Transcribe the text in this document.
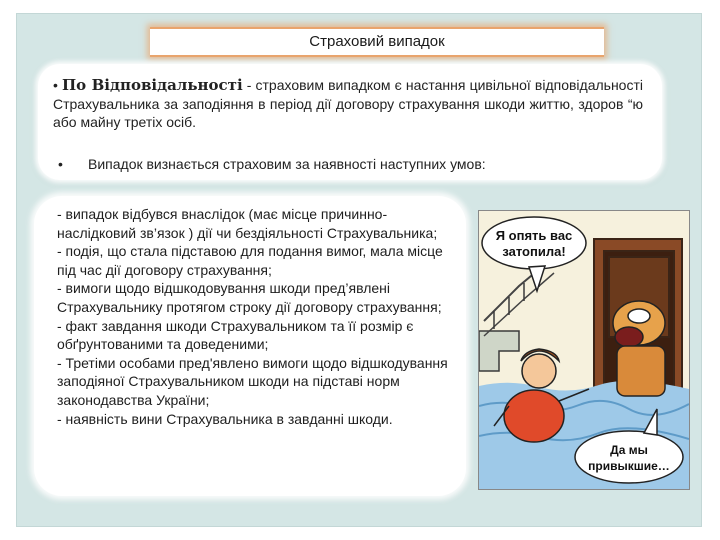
Страховий випадок
• По Відповідальності - страховим випадком є настання цивільної відповідальності Страхувальника за заподіяння в період дії договору страхування шкоди життю, здоров “ю або майну третіх осіб.
• Випадок визнається страховим за наявності наступних умов:
- випадок відбувся внаслідок (має місце причинно-наслідковий зв’язок ) дії чи бездіяльності Страхувальника;
- подія, що стала підставою для подання вимог, мала місце під час дії договору страхування;
- вимоги щодо відшкодовування шкоди пред’явлені Страхувальнику протягом строку дії договору страхування;
- факт завдання шкоди Страхувальником та її розмір є обґрунтованими та доведеними;
- Третіми особами пред'явлено вимоги щодо відшкодування заподіяної Страхувальником шкоди на підставі норм законодавства України;
- наявність вини Страхувальника в завданні шкоди.
Я опять вас
затопила!
Да мы
привыкшие…
